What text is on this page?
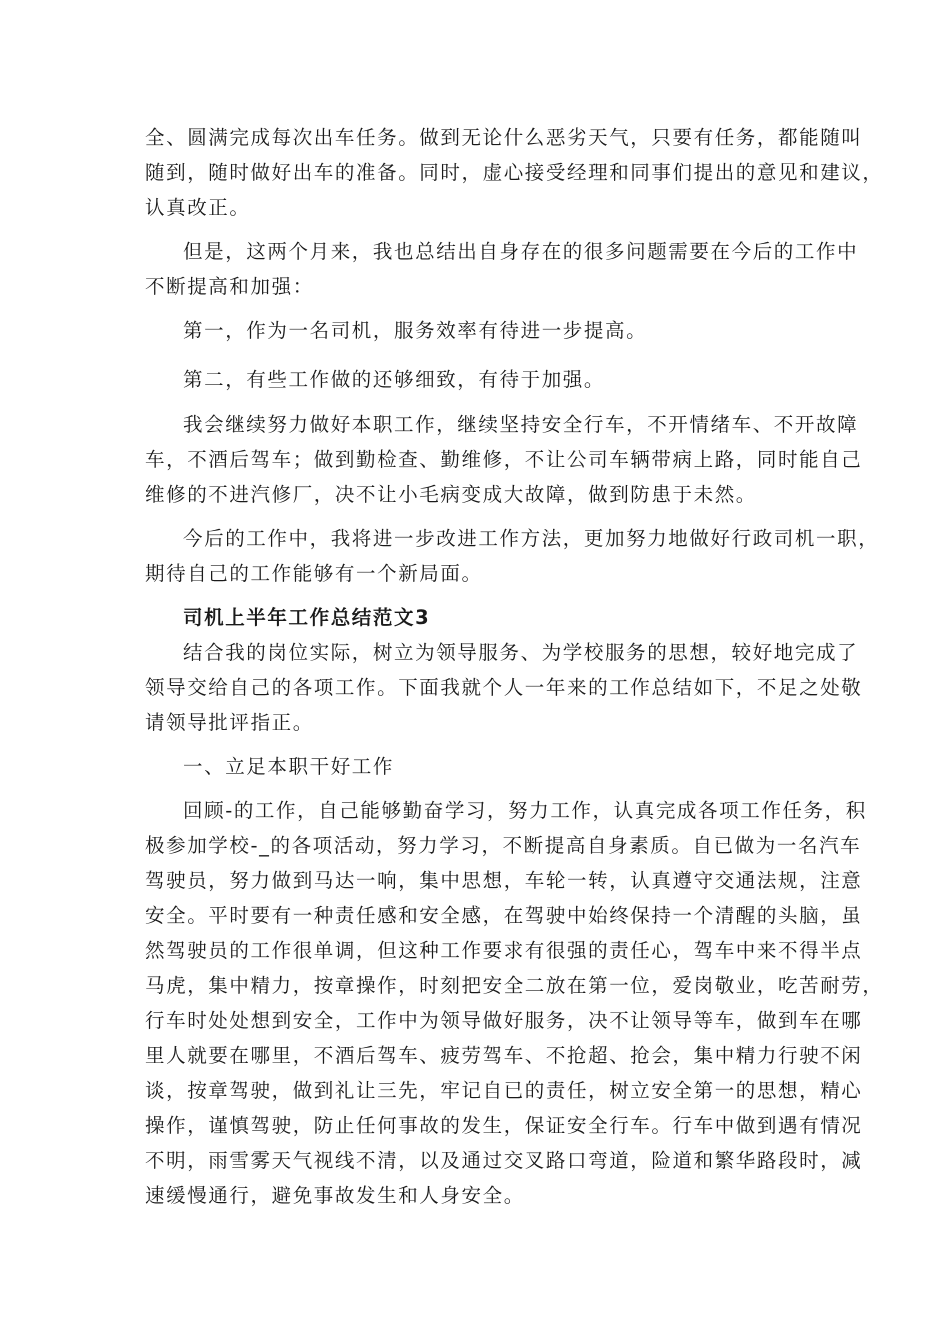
全、圆满完成每次出车任务。做到无论什么恶劣天气，只要有任务，都能随叫
随到，随时做好出车的准备。同时，虚心接受经理和同事们提出的意见和建议，
认真改正。
但是，这两个月来，我也总结出自身存在的很多问题需要在今后的工作中
不断提高和加强：
第一，作为一名司机，服务效率有待进一步提高。
第二，有些工作做的还够细致，有待于加强。
我会继续努力做好本职工作，继续坚持安全行车，不开情绪车、不开故障
车，不酒后驾车；做到勤检查、勤维修，不让公司车辆带病上路，同时能自己
维修的不进汽修厂，决不让小毛病变成大故障，做到防患于未然。
今后的工作中，我将进一步改进工作方法，更加努力地做好行政司机一职，
期待自己的工作能够有一个新局面。
司机上半年工作总结范文3
结合我的岗位实际，树立为领导服务、为学校服务的思想，较好地完成了
领导交给自己的各项工作。下面我就个人一年来的工作总结如下，不足之处敬
请领导批评指正。
一、立足本职干好工作
回顾-的工作，自己能够勤奋学习，努力工作，认真完成各项工作任务，积
极参加学校-_的各项活动，努力学习，不断提高自身素质。自已做为一名汽车
驾驶员，努力做到马达一响，集中思想，车轮一转，认真遵守交通法规，注意
安全。平时要有一种责任感和安全感，在驾驶中始终保持一个清醒的头脑，虽
然驾驶员的工作很单调，但这种工作要求有很强的责任心，驾车中来不得半点
马虎，集中精力，按章操作，时刻把安全二放在第一位，爱岗敬业，吃苦耐劳，
行车时处处想到安全，工作中为领导做好服务，决不让领导等车，做到车在哪
里人就要在哪里，不酒后驾车、疲劳驾车、不抢超、抢会，集中精力行驶不闲
谈，按章驾驶，做到礼让三先，牢记自已的责任，树立安全第一的思想，精心
操作，谨慎驾驶，防止任何事故的发生，保证安全行车。行车中做到遇有情况
不明，雨雪雾天气视线不清，以及通过交叉路口弯道，险道和繁华路段时，减
速缓慢通行，避免事故发生和人身安全。
